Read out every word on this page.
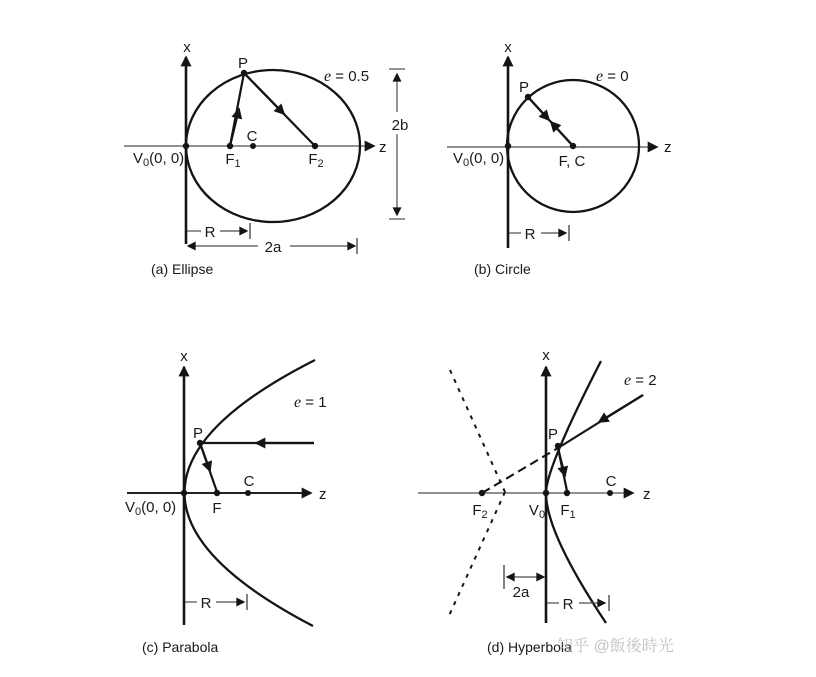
x
z
P
C
$F_1$	$F_2$
$V_0(0$, 0)
e = 0.5
2b
R
2a
(a) Ellipse
x
z
P
F, C
$V_0(0$, 0)
e = 0
R
(b) Circle
x
z
P
F
C
$V_0(0$, 0)
e = 1
R
(c) Parabola
x
z
P
C
$F_2$	$V_0$ $F_1$
e = 2
2a
R
(d) Hyperbola
知乎 @飯後時光
